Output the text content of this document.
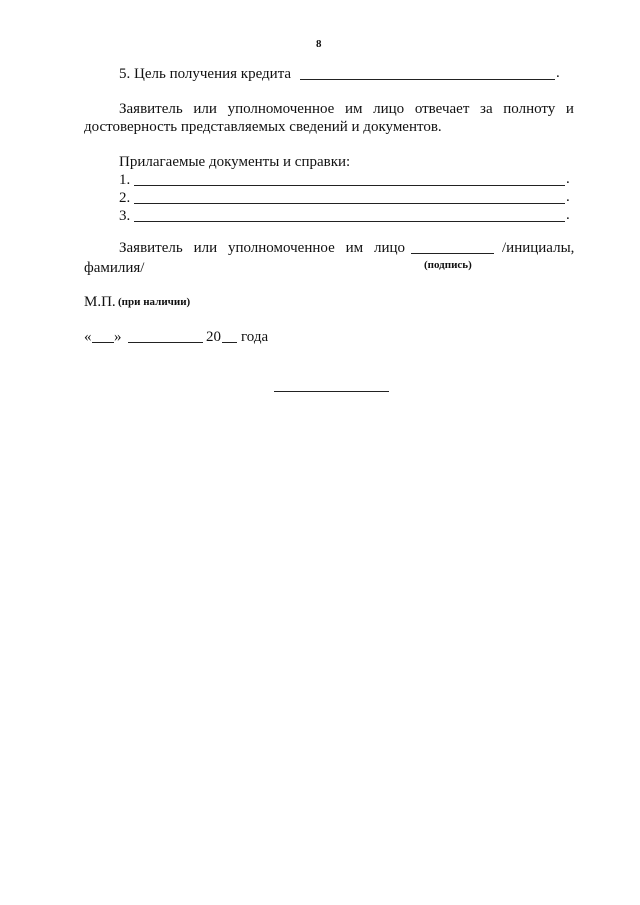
8
5. Цель получения кредита	.
Заявитель или уполномоченное им лицо отвечает за полноту и
достоверность представляемых сведений и документов.
Прилагаемые документы и справки:
1.	.
2.	.
3.	.
Заявитель или уполномоченное им лицо	/инициалы,
фамилия/	(подпись)
М.П. (при наличии)
« »	20 года
